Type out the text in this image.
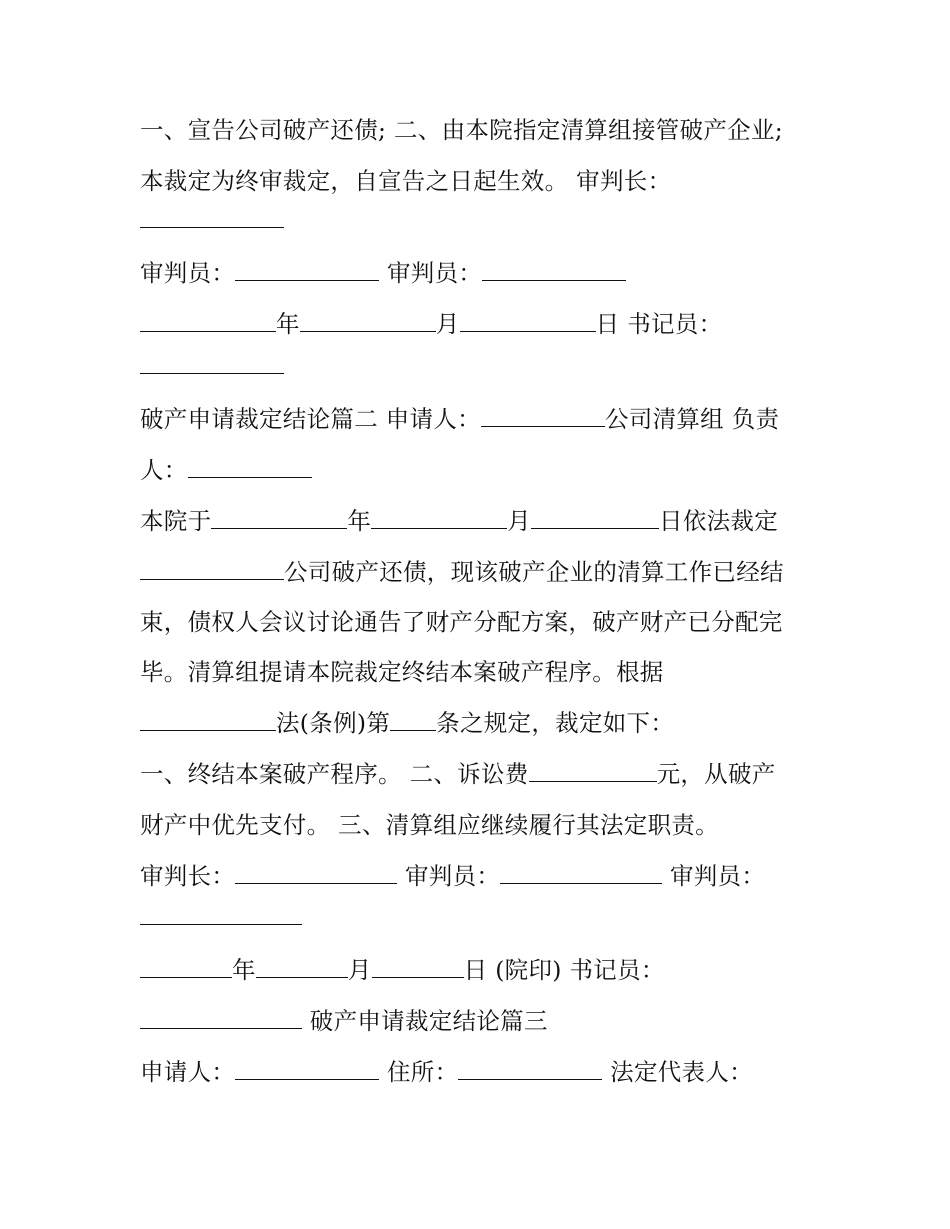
一、宣告公司破产还债; 二、由本院指定清算组接管破产企业;
本裁定为终审裁定，自宣告之日起生效。 审判长：
审判员：	审判员：
年	月	日 书记员：
破产申请裁定结论篇二 申请人：	公司清算组 负责
人：
本院于	年	月	日依法裁定
公司破产还债，现该破产企业的清算工作已经结
束，债权人会议讨论通告了财产分配方案，破产财产已分配完
毕。清算组提请本院裁定终结本案破产程序。根据
法(条例)第 条之规定，裁定如下：
一、终结本案破产程序。 二、诉讼费	元，从破产
财产中优先支付。 三、清算组应继续履行其法定职责。
审判长：	审判员：	审判员：
年	月	日 (院印) 书记员：
破产申请裁定结论篇三
申请人：	住所：	法定代表人：
